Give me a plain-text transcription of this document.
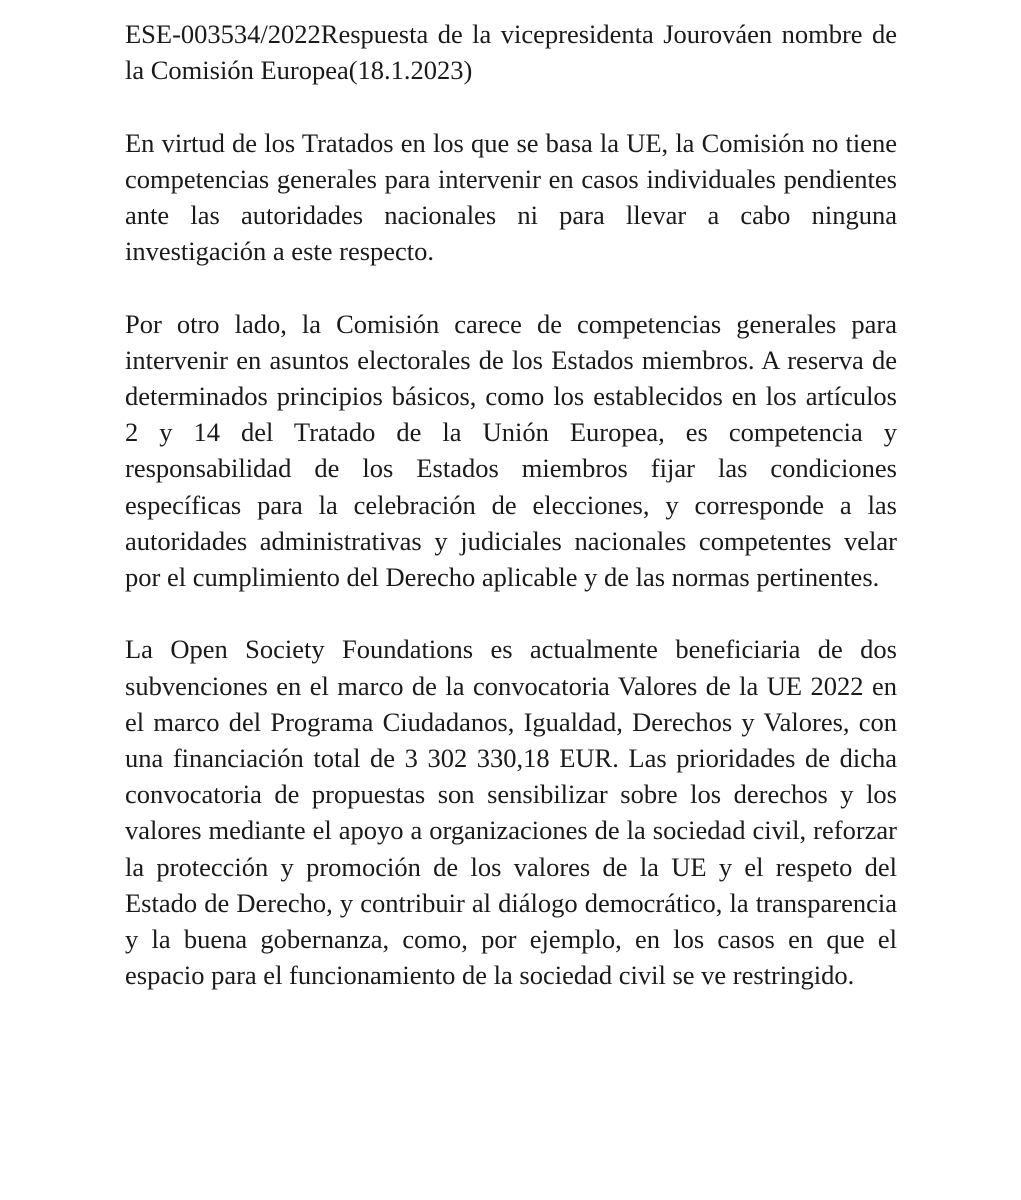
ESE-003534/2022Respuesta de la vicepresidenta Jourováen nombre de la Comisión Europea(18.1.2023)

En virtud de los Tratados en los que se basa la UE, la Comisión no tiene competencias generales para intervenir en casos individuales pendientes ante las autoridades nacionales ni para llevar a cabo ninguna investigación a este respecto.

Por otro lado, la Comisión carece de competencias generales para intervenir en asuntos electorales de los Estados miembros. A reserva de determinados principios básicos, como los establecidos en los artículos 2 y 14 del Tratado de la Unión Europea, es competencia y responsabilidad de los Estados miembros fijar las condiciones específicas para la celebración de elecciones, y corresponde a las autoridades administrativas y judiciales nacionales competentes velar por el cumplimiento del Derecho aplicable y de las normas pertinentes.

La Open Society Foundations es actualmente beneficiaria de dos subvenciones en el marco de la convocatoria Valores de la UE 2022 en el marco del Programa Ciudadanos, Igualdad, Derechos y Valores, con una financiación total de 3 302 330,18 EUR. Las prioridades de dicha convocatoria de propuestas son sensibilizar sobre los derechos y los valores mediante el apoyo a organizaciones de la sociedad civil, reforzar la protección y promoción de los valores de la UE y el respeto del Estado de Derecho, y contribuir al diálogo democrático, la transparencia y la buena gobernanza, como, por ejemplo, en los casos en que el espacio para el funcionamiento de la sociedad civil se ve restringido.
